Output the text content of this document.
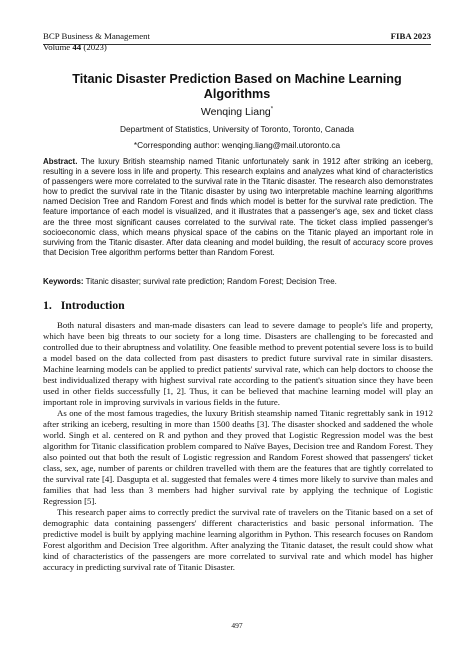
BCP Business & Management	FIBA 2023
Volume 44 (2023)
Titanic Disaster Prediction Based on Machine Learning
Algorithms
Wenqing Liang*
Department of Statistics, University of Toronto, Toronto, Canada
*Corresponding author: wenqing.liang@mail.utoronto.ca
Abstract. The luxury British steamship named Titanic unfortunately sank in 1912 after striking an iceberg, resulting in a severe loss in life and property. This research explains and analyzes what kind of characteristics of passengers were more correlated to the survival rate in the Titanic disaster. The research also demonstrates how to predict the survival rate in the Titanic disaster by using two interpretable machine learning algorithms named Decision Tree and Random Forest and finds which model is better for the survival rate prediction. The feature importance of each model is visualized, and it illustrates that a passenger's age, sex and ticket class are the three most significant causes correlated to the survival rate. The ticket class implied passenger's socioeconomic class, which means physical space of the cabins on the Titanic played an important role in surviving from the Titanic disaster. After data cleaning and model building, the result of accuracy score proves that Decision Tree algorithm performs better than Random Forest.
Keywords: Titanic disaster; survival rate prediction; Random Forest; Decision Tree.
1.   Introduction

Both natural disasters and man-made disasters can lead to severe damage to people's life and property, which have been big threats to our society for a long time. Disasters are challenging to be forecasted and controlled due to their abruptness and volatility. One feasible method to prevent potential severe loss is to build a model based on the data collected from past disasters to predict future survival rate in similar disasters. Machine learning models can be applied to predict patients' survival rate, which can help doctors to choose the best individualized therapy with highest survival rate according to the patient's situation since they have been used in other fields successfully [1, 2]. Thus, it can be believed that machine learning model will play an important role in improving survivals in various fields in the future.

As one of the most famous tragedies, the luxury British steamship named Titanic regrettably sank in 1912 after striking an iceberg, resulting in more than 1500 deaths [3]. The disaster shocked and saddened the whole world. Singh et al. centered on R and python and they proved that Logistic Regression model was the best algorithm for Titanic classification problem compared to Naïve Bayes, Decision tree and Random Forest. They also pointed out that both the result of Logistic regression and Random Forest showed that passengers' ticket class, sex, age, number of parents or children travelled with them are the features that are tightly correlated to the survival rate [4]. Dasgupta et al. suggested that females were 4 times more likely to survive than males and families that had less than 3 members had higher survival rate by applying the technique of Logistic Regression [5].

This research paper aims to correctly predict the survival rate of travelers on the Titanic based on a set of demographic data containing passengers' different characteristics and basic personal information. The predictive model is built by applying machine learning algorithm in Python. This research focuses on Random Forest algorithm and Decision Tree algorithm. After analyzing the Titanic dataset, the result could show what kind of characteristics of the passengers are more correlated to survival rate and which model has higher accuracy in predicting survival rate of Titanic Disaster.

497
